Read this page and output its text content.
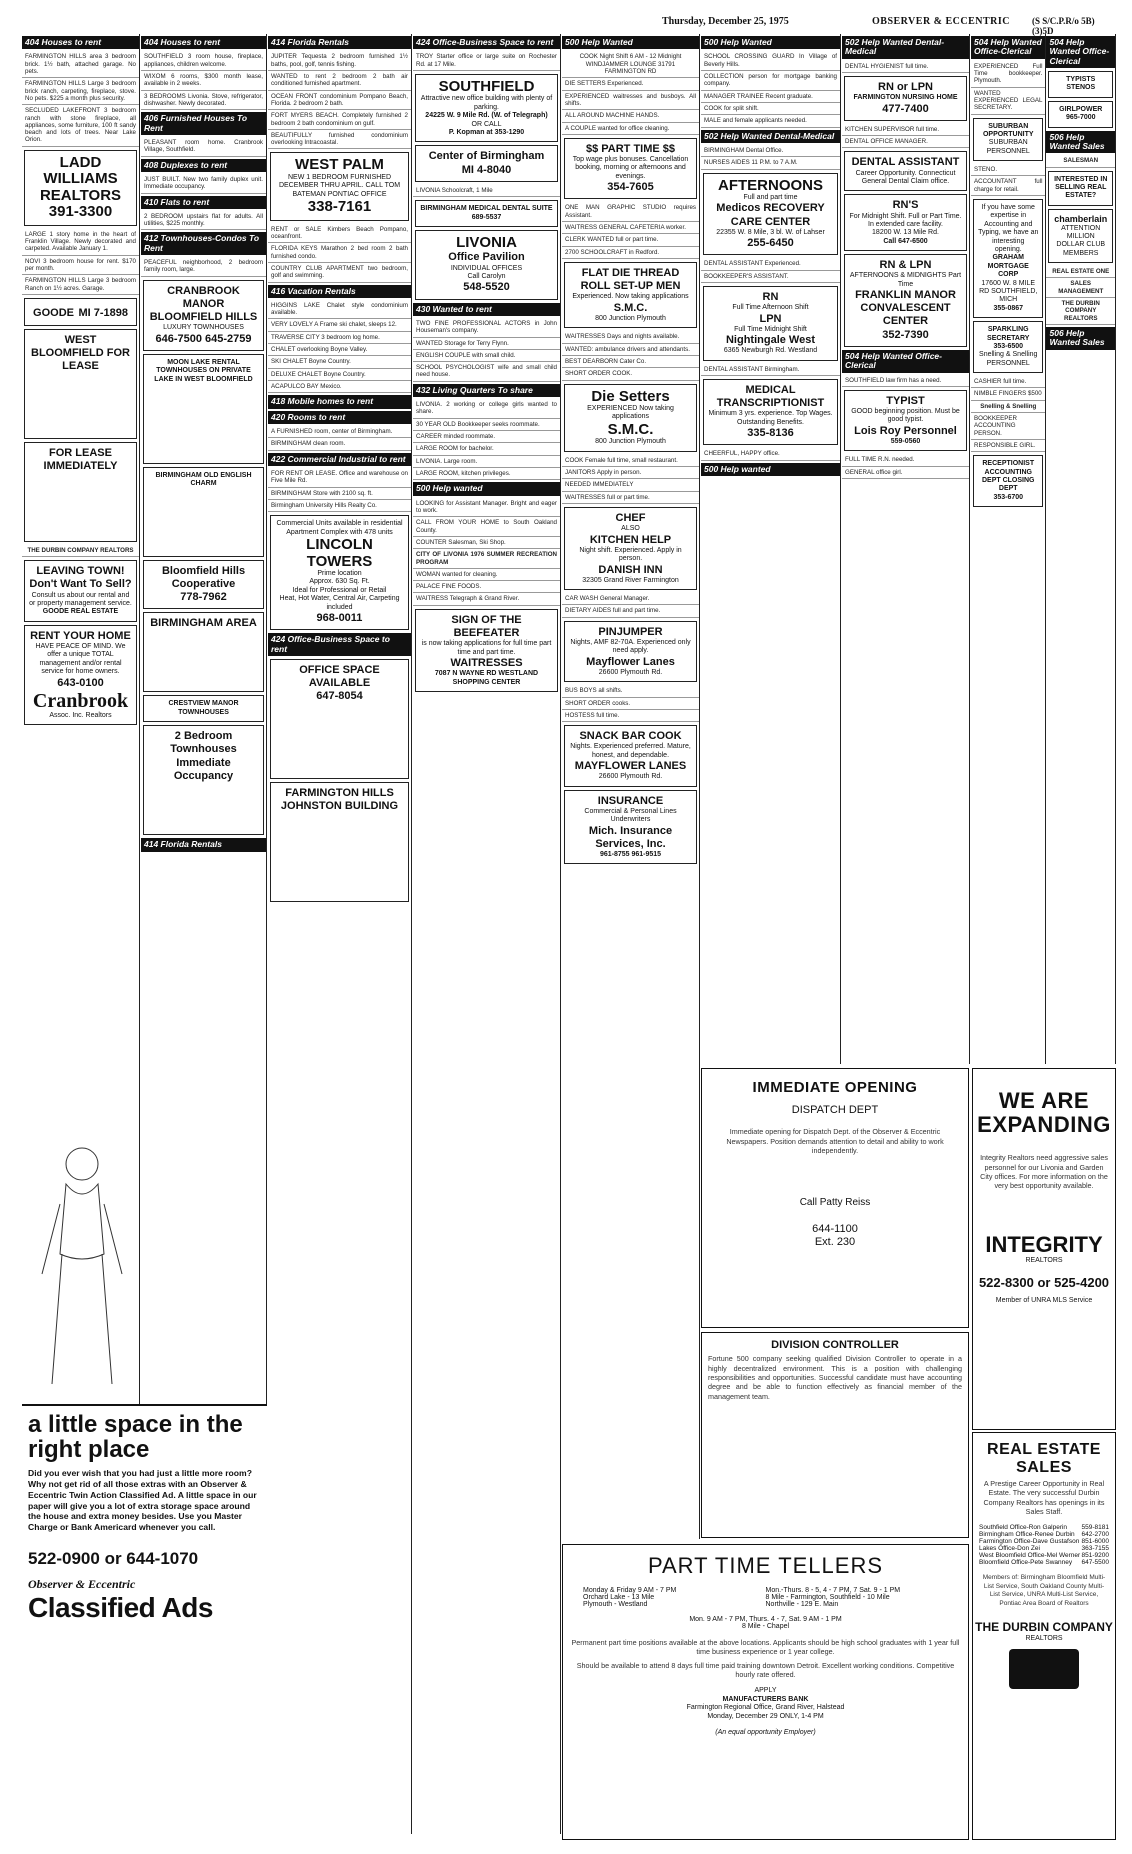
Thursday, December 25, 1975	OBSERVER & ECCENTRIC (S S/C.P.R/o 5B)(3)5D
404 Houses to rent
FARMINGTON HILLS area 3 bedroom brick. 1½ bath, attached garage. No pets.
FARMINGTON HILLS Large 3 bedroom brick ranch, carpeting, fireplace, stove. No pets. $225 a month plus security.
SECLUDED LAKEFRONT 3 bedroom ranch with stone fireplace, all appliances, some furniture, 100 ft sandy beach and lots of trees. Near Lake Orion.
LADD WILLIAMS REALTORS
391-3300
LARGE 1 story home in the heart of Franklin Village. Newly decorated and carpeted. Available January 1.
NOVI 3 bedroom house for rent. $170 per month.
FARMINGTON HILLS Large 3 bedroom Ranch on 1½ acres. Garage.
GOODE MI 7-1898
WEST BLOOMFIELD FOR LEASE
FOR LEASE IMMEDIATELY
THE DURBIN COMPANY REALTORS
LEAVING TOWN! Don't Want To Sell?
Consult us about our rental and or property management service.
GOODE REAL ESTATE
RENT YOUR HOME
HAVE PEACE OF MIND. We offer a unique TOTAL management and/or rental service for home owners.
643-0100
Cranbrook
Assoc. Inc. Realtors
404 Houses to rent
SOUTHFIELD 3 room house, fireplace, appliances, children welcome.
WIXOM 6 rooms, $300 month lease, available in 2 weeks.
3 BEDROOMS Livonia. Stove, refrigerator, dishwasher. Newly decorated.
406 Furnished Houses To Rent
PLEASANT room home. Cranbrook Village, Southfield.
408 Duplexes to rent
JUST BUILT. New two family duplex unit. Immediate occupancy.
410 Flats to rent
2 BEDROOM upstairs flat for adults. All utilities, $225 monthly.
412 Townhouses-Condos To Rent
PEACEFUL neighborhood, 2 bedroom family room, large.
CRANBROOK MANOR BLOOMFIELD HILLS
LUXURY TOWNHOUSES
646-7500 645-2759
MOON LAKE RENTAL TOWNHOUSES ON PRIVATE LAKE IN WEST BLOOMFIELD
BIRMINGHAM OLD ENGLISH CHARM
Bloomfield Hills Cooperative
778-7962
BIRMINGHAM AREA
CRESTVIEW MANOR TOWNHOUSES
2 Bedroom Townhouses Immediate Occupancy
414 Florida Rentals
414 Florida Rentals
JUPITER Tequesta 2 bedroom furnished 1½ baths, pool, golf, tennis fishing.
WANTED to rent 2 bedroom 2 bath air conditioned furnished apartment.
OCEAN FRONT condominium Pompano Beach, Florida. 2 bedroom 2 bath.
FORT MYERS BEACH. Completely furnished 2 bedroom 2 bath condominium on gulf.
BEAUTIFULLY furnished condominium overlooking Intracoastal.
WEST PALM
NEW 1 BEDROOM FURNISHED DECEMBER THRU APRIL. CALL TOM BATEMAN PONTIAC OFFICE
338-7161
RENT or SALE Kimbers Beach Pompano, oceanfront.
FLORIDA KEYS Marathon 2 bed room 2 bath furnished condo.
COUNTRY CLUB APARTMENT two bedroom, golf and swimming.
416 Vacation Rentals
HIGGINS LAKE Chalet style condominium available.
VERY LOVELY A Frame ski chalet, sleeps 12.
TRAVERSE CITY 3 bedroom log home.
CHALET overlooking Boyne Valley.
SKI CHALET Boyne Country.
DELUXE CHALET Boyne Country.
ACAPULCO BAY Mexico.
418 Mobile homes to rent
420 Rooms to rent
A FURNISHED room, center of Birmingham.
BIRMINGHAM clean room.
422 Commercial Industrial to rent
FOR RENT OR LEASE. Office and warehouse on Five Mile Rd.
BIRMINGHAM Store with 2100 sq. ft.
Birmingham University Hills Realty Co.
Commercial Units available in residential Apartment Complex with 478 units
LINCOLN TOWERS
Prime location
Approx. 630 Sq. Ft.
Ideal for Professional or Retail
Heat, Hot Water, Central Air, Carpeting included
968-0011
424 Office-Business Space to rent
OFFICE SPACE AVAILABLE
647-8054
FARMINGTON HILLS JOHNSTON BUILDING
424 Office-Business Space to rent
TROY Starter office or large suite on Rochester Rd. at 17 Mile.
SOUTHFIELD
Attractive new office building with plenty of parking.
24225 W. 9 Mile Rd. (W. of Telegraph)
OR CALL
P. Kopman at 353-1290
Center of Birmingham
MI 4-8040
LIVONIA Schoolcraft, 1 Mile
BIRMINGHAM MEDICAL DENTAL SUITE
689-5537
LIVONIA
Office Pavilion
INDIVIDUAL OFFICES
Call Carolyn
548-5520
430 Wanted to rent
TWO FINE PROFESSIONAL ACTORS in John Houseman's company.
WANTED Storage for Terry Flynn.
ENGLISH COUPLE with small child.
SCHOOL PSYCHOLOGIST wife and small child need house.
432 Living Quarters To share
LIVONIA. 2 working or college girls wanted to share.
30 YEAR OLD Bookkeeper seeks roommate.
CAREER minded roommate.
LARGE ROOM for bachelor.
LIVONIA. Large room.
LARGE ROOM, kitchen privileges.
500 Help wanted
LOOKING for Assistant Manager. Bright and eager to work.
CALL FROM YOUR HOME to South Oakland County.
COUNTER Salesman, Ski Shop.
CITY OF LIVONIA 1976 SUMMER RECREATION PROGRAM
WOMAN wanted for cleaning.
PALACE FINE FOODS.
WAITRESS Telegraph & Grand River.
SIGN OF THE BEEFEATER
is now taking applications for full time part time and part time.
WAITRESSES
7087 N WAYNE RD WESTLAND SHOPPING CENTER
500 Help Wanted
COOK Night Shift 6 AM - 12 Midnight WINDJAMMER LOUNGE 31791 FARMINGTON RD
DIE SETTERS Experienced.
EXPERIENCED waitresses and busboys. All shifts.
ALL AROUND MACHINE HANDS.
A COUPLE wanted for office cleaning.
$$ PART TIME $$
Top wage plus bonuses. Cancellation booking, morning or afternoons and evenings.
354-7605
ONE MAN GRAPHIC STUDIO requires Assistant.
WAITRESS GENERAL CAFETERIA worker.
CLERK WANTED full or part time.
2700 SCHOOLCRAFT in Redford.
FLAT DIE THREAD ROLL SET-UP MEN
Experienced. Now taking applications
S.M.C.
800 Junction Plymouth
WAITRESSES Days and nights available.
WANTED: ambulance drivers and attendants.
BEST DEARBORN Cater Co.
SHORT ORDER COOK.
Die Setters
EXPERIENCED Now taking applications
S.M.C.
800 Junction Plymouth
COOK Female full time, small restaurant.
JANITORS Apply in person.
NEEDED IMMEDIATELY
WAITRESSES full or part time.
CHEF
ALSO
KITCHEN HELP
Night shift. Experienced. Apply in person.
DANISH INN
32305 Grand River Farmington
CAR WASH General Manager.
DIETARY AIDES full and part time.
PINJUMPER
Nights, AMF 82-70A. Experienced only need apply.
Mayflower Lanes
26600 Plymouth Rd.
BUS BOYS all shifts.
SHORT ORDER cooks.
HOSTESS full time.
SNACK BAR COOK
Nights. Experienced preferred. Mature, honest, and dependable.
MAYFLOWER LANES
26600 Plymouth Rd.
INSURANCE
Commercial & Personal Lines Underwriters
Mich. Insurance Services, Inc.
961-8755 961-9515
500 Help Wanted
SCHOOL CROSSING GUARD In Village of Beverly Hills.
COLLECTION person for mortgage banking company.
MANAGER TRAINEE Recent graduate.
COOK for split shift.
MALE and female applicants needed.
502 Help Wanted Dental-Medical
BIRMINGHAM Dental Office.
NURSES AIDES 11 P.M. to 7 A.M.
AFTERNOONS
Full and part time
Medicos RECOVERY CARE CENTER
22355 W. 8 Mile, 3 bl. W. of Lahser
255-6450
DENTAL ASSISTANT Experienced.
BOOKKEEPER'S ASSISTANT.
RN
Full Time Afternoon Shift
LPN
Full Time Midnight Shift
Nightingale West
6365 Newburgh Rd. Westland
DENTAL ASSISTANT Birmingham.
MEDICAL TRANSCRIPTIONIST
Minimum 3 yrs. experience. Top Wages. Outstanding Benefits.
335-8136
CHEERFUL, HAPPY office.
500 Help wanted
502 Help Wanted Dental-Medical
DENTAL HYGIENIST full time.
RN or LPN
FARMINGTON NURSING HOME
477-7400
KITCHEN SUPERVISOR full time.
DENTAL OFFICE MANAGER.
DENTAL ASSISTANT
Career Opportunity. Connecticut General Dental Claim office.
RN'S
For Midnight Shift. Full or Part Time. In extended care facility.
18200 W. 13 Mile Rd.
Call 647-6500
RN & LPN
AFTERNOONS & MIDNIGHTS Part Time
FRANKLIN MANOR CONVALESCENT CENTER
352-7390
504 Help Wanted Office-Clerical
SOUTHFIELD law firm has a need.
TYPIST
GOOD beginning position. Must be good typist.
Lois Roy Personnel
559-0560
FULL TIME R.N. needed.
GENERAL office girl.
504 Help Wanted Office-Clerical
EXPERIENCED Full Time bookkeeper. Plymouth.
WANTED EXPERIENCED LEGAL SECRETARY.
SUBURBAN OPPORTUNITY
SUBURBAN PERSONNEL
STENO.
ACCOUNTANT full charge for retail.
If you have some expertise in Accounting and Typing, we have an interesting opening.
GRAHAM MORTGAGE CORP
17600 W. 8 MILE RD SOUTHFIELD, MICH
355-0867
SPARKLING SECRETARY
353-6500
Snelling & Snelling PERSONNEL
CASHIER full time.
NIMBLE FINGERS $500
Snelling & Snelling
BOOKKEEPER ACCOUNTING PERSON.
RESPONSIBLE GIRL.
RECEPTIONIST ACCOUNTING DEPT CLOSING DEPT
353-6700
504 Help Wanted Office-Clerical
TYPISTS STENOS
GIRLPOWER
965-7000
506 Help Wanted Sales
SALESMAN
INTERESTED IN SELLING REAL ESTATE?
chamberlain
ATTENTION MILLION DOLLAR CLUB MEMBERS
REAL ESTATE ONE
SALES MANAGEMENT
THE DURBIN COMPANY REALTORS
506 Help Wanted Sales
a little space in the right place
Did you ever wish that you had just a little more room? Why not get rid of all those extras with an Observer & Eccentric Twin Action Classified Ad. A little space in our paper will give you a lot of extra storage space around the house and extra money besides. Use you Master Charge or Bank Americard whenever you call.
522-0900 or 644-1070
Observer & Eccentric
Classified Ads
IMMEDIATE OPENING
DISPATCH DEPT

Immediate opening for Dispatch Dept. of the Observer & Eccentric Newspapers. Position demands attention to detail and ability to work independently.

Call Patty Reiss
644-1100
Ext. 230
DIVISION CONTROLLER

Fortune 500 company seeking qualified Division Controller to operate in a highly decentralized environment. This is a position with challenging responsibilities and opportunities. Successful candidate must have accounting degree and be able to function effectively as financial member of the management team.

PART TIME TELLERS
Monday & Friday 9 AM - 7 PM	Mon.-Thurs. 8 - 5, 4 - 7 PM, 7 Sat. 9 - 1 PM
Orchard Lake - 13 Mile	8 Mile - Farmington, Southfield - 10 Mile
Plymouth - Westland	Northville - 129 E. Main
Mon. 9 AM - 7 PM, Thurs. 4 - 7, Sat. 9 AM - 1 PM
8 Mile - Chapel

Permanent part time positions available at the above locations. Applicants should be high school graduates with 1 year full time business experience or 1 year college.

Should be available to attend 8 days full time paid training downtown Detroit. Excellent working conditions. Competitive hourly rate offered.

APPLY
MANUFACTURERS BANK
Farmington Regional Office, Grand River, Halstead
Monday, December 29 ONLY, 1-4 PM
(An equal opportunity Employer)
WE ARE EXPANDING

Integrity Realtors need aggressive sales personnel for our Livonia and Garden City offices. For more information on the very best opportunity available.

INTEGRITY
REALTORS
522-8300 or 525-4200
Member of UNRA MLS Service
REAL ESTATE SALES

A Prestige Career Opportunity in Real Estate. The very successful Durbin Company Realtors has openings in its Sales Staff.

Southfield Office-Ron Galperin 559-8181
Birmingham Office-Renee Durbin 642-2700
Farmington Office-Dave Gustafson 851-6000
Lakes Office-Don Zei	363-7155
West Bloomfield Office-Mel Werner 851-9200
Bloomfield Office-Pete Swanney 647-5500

Members of: Birmingham Bloomfield Multi-List Service, South Oakland County Multi-List Service, UNRA Multi-List Service, Pontiac Area Board of Realtors

THE DURBIN COMPANY
REALTORS
